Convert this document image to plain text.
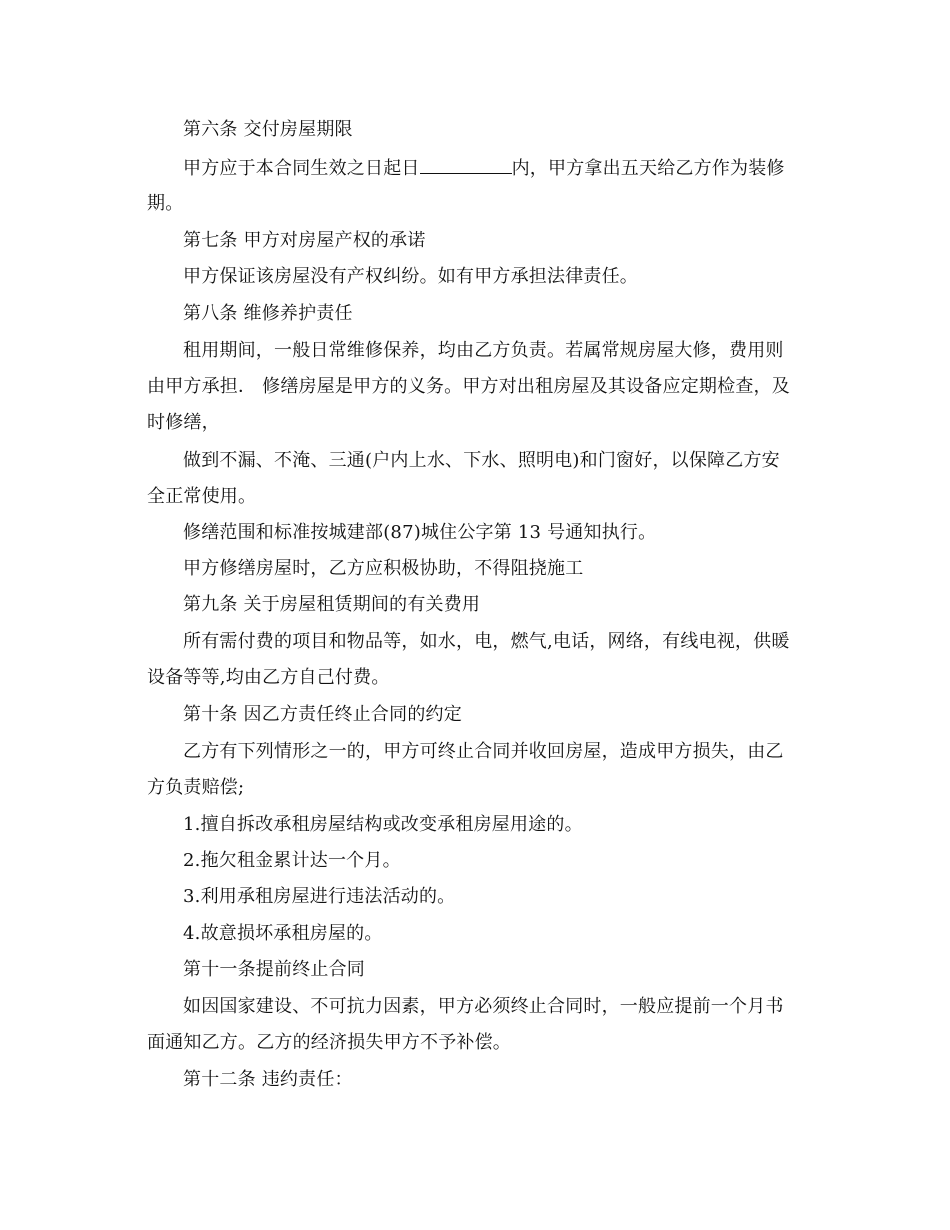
第六条 交付房屋期限
甲方应于本合同生效之日起日	内，甲方拿出五天给乙方作为装修
期。
第七条 甲方对房屋产权的承诺
甲方保证该房屋没有产权纠纷。如有甲方承担法律责任。
第八条 维修养护责任
租用期间，一般日常维修保养，均由乙方负责。若属常规房屋大修，费用则
由甲方承担． 修缮房屋是甲方的义务。甲方对出租房屋及其设备应定期检查，及
时修缮，
做到不漏、不淹、三通(户内上水、下水、照明电)和门窗好，以保障乙方安
全正常使用。
修缮范围和标准按城建部(87)城住公字第 13 号通知执行。
甲方修缮房屋时，乙方应积极协助，不得阻挠施工
第九条 关于房屋租赁期间的有关费用
所有需付费的项目和物品等，如水，电，燃气,电话，网络，有线电视，供暖
设备等等,均由乙方自己付费。
第十条 因乙方责任终止合同的约定
乙方有下列情形之一的，甲方可终止合同并收回房屋，造成甲方损失，由乙
方负责赔偿;
1.擅自拆改承租房屋结构或改变承租房屋用途的。
2.拖欠租金累计达一个月。
3.利用承租房屋进行违法活动的。
4.故意损坏承租房屋的。
第十一条提前终止合同
如因国家建设、不可抗力因素，甲方必须终止合同时，一般应提前一个月书
面通知乙方。乙方的经济损失甲方不予补偿。
第十二条 违约责任：
